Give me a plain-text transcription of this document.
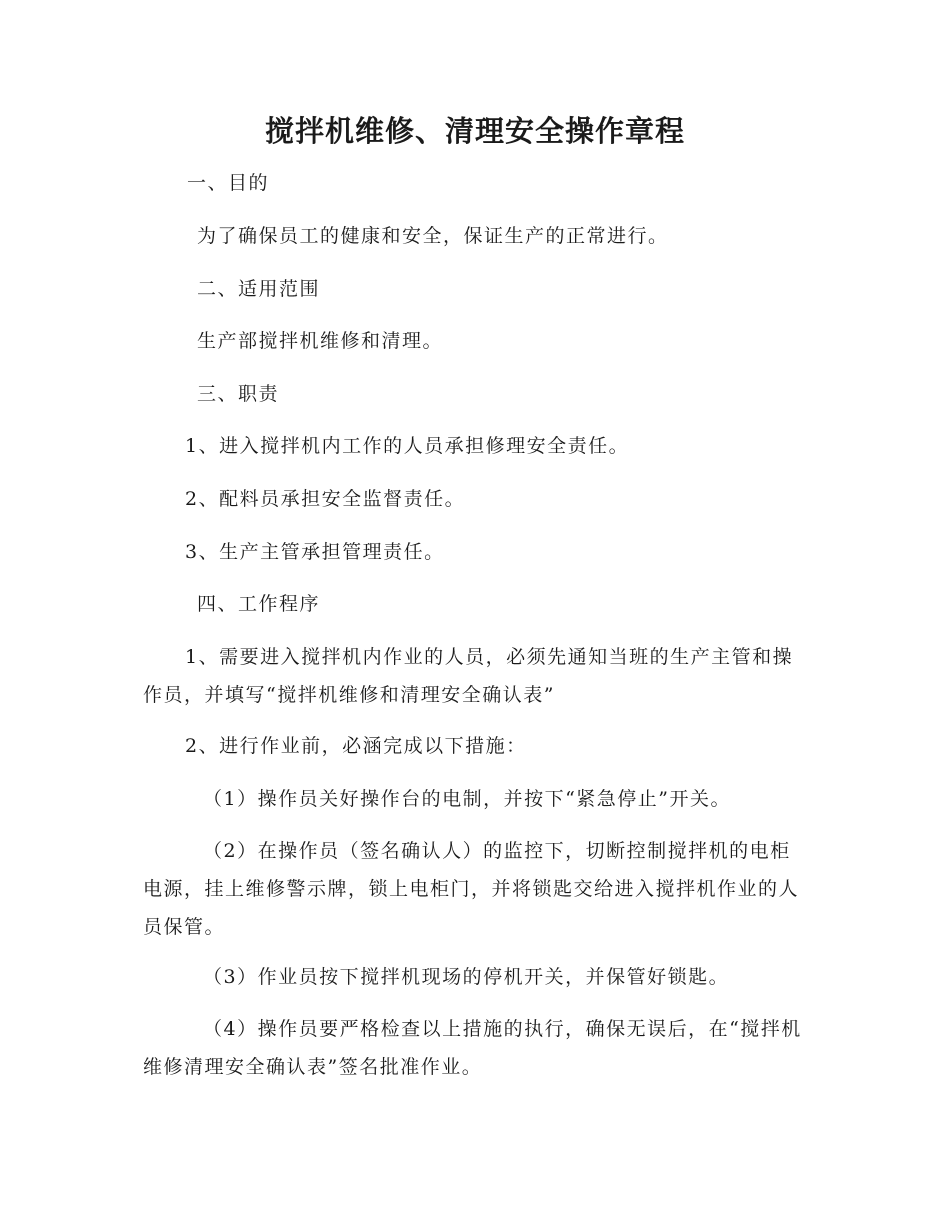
搅拌机维修、清理安全操作章程
一、目的
为了确保员工的健康和安全，保证生产的正常进行。
二、适用范围
生产部搅拌机维修和清理。
三、职责
1、进入搅拌机内工作的人员承担修理安全责任。
2、配料员承担安全监督责任。
3、生产主管承担管理责任。
四、工作程序
1、需要进入搅拌机内作业的人员，必须先通知当班的生产主管和操作员，并填写“搅拌机维修和清理安全确认表”
2、进行作业前，必涵完成以下措施：
（1）操作员关好操作台的电制，并按下“紧急停止”开关。
（2）在操作员（签名确认人）的监控下，切断控制搅拌机的电柜电源，挂上维修警示牌，锁上电柜门，并将锁匙交给进入搅拌机作业的人员保管。
（3）作业员按下搅拌机现场的停机开关，并保管好锁匙。
（4）操作员要严格检查以上措施的执行，确保无误后，在“搅拌机维修清理安全确认表”签名批准作业。
